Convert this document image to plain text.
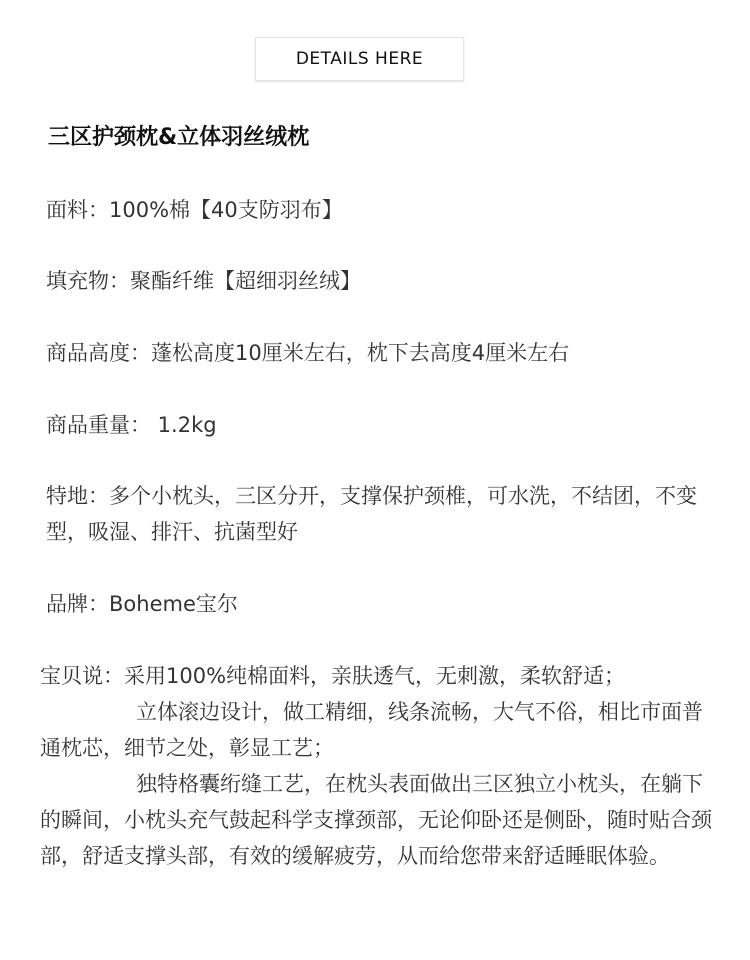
DETAILS HERE
三区护颈枕&立体羽丝绒枕
面料：100%棉【40支防羽布】
填充物：聚酯纤维【超细羽丝绒】
商品高度：蓬松高度10厘米左右，枕下去高度4厘米左右
商品重量： 1.2kg
特地：多个小枕头，三区分开，支撑保护颈椎，可水洗，不结团，不变型，吸湿、排汗、抗菌型好
品牌：Boheme宝尔

宝贝说：采用100%纯棉面料，亲肤透气，无刺激，柔软舒适；

立体滚边设计，做工精细，线条流畅，大气不俗，相比市面普通枕芯，细节之处，彰显工艺；

独特格囊绗缝工艺，在枕头表面做出三区独立小枕头，在躺下的瞬间，小枕头充气鼓起科学支撑颈部，无论仰卧还是侧卧，随时贴合颈部，舒适支撑头部，有效的缓解疲劳，从而给您带来舒适睡眠体验。
